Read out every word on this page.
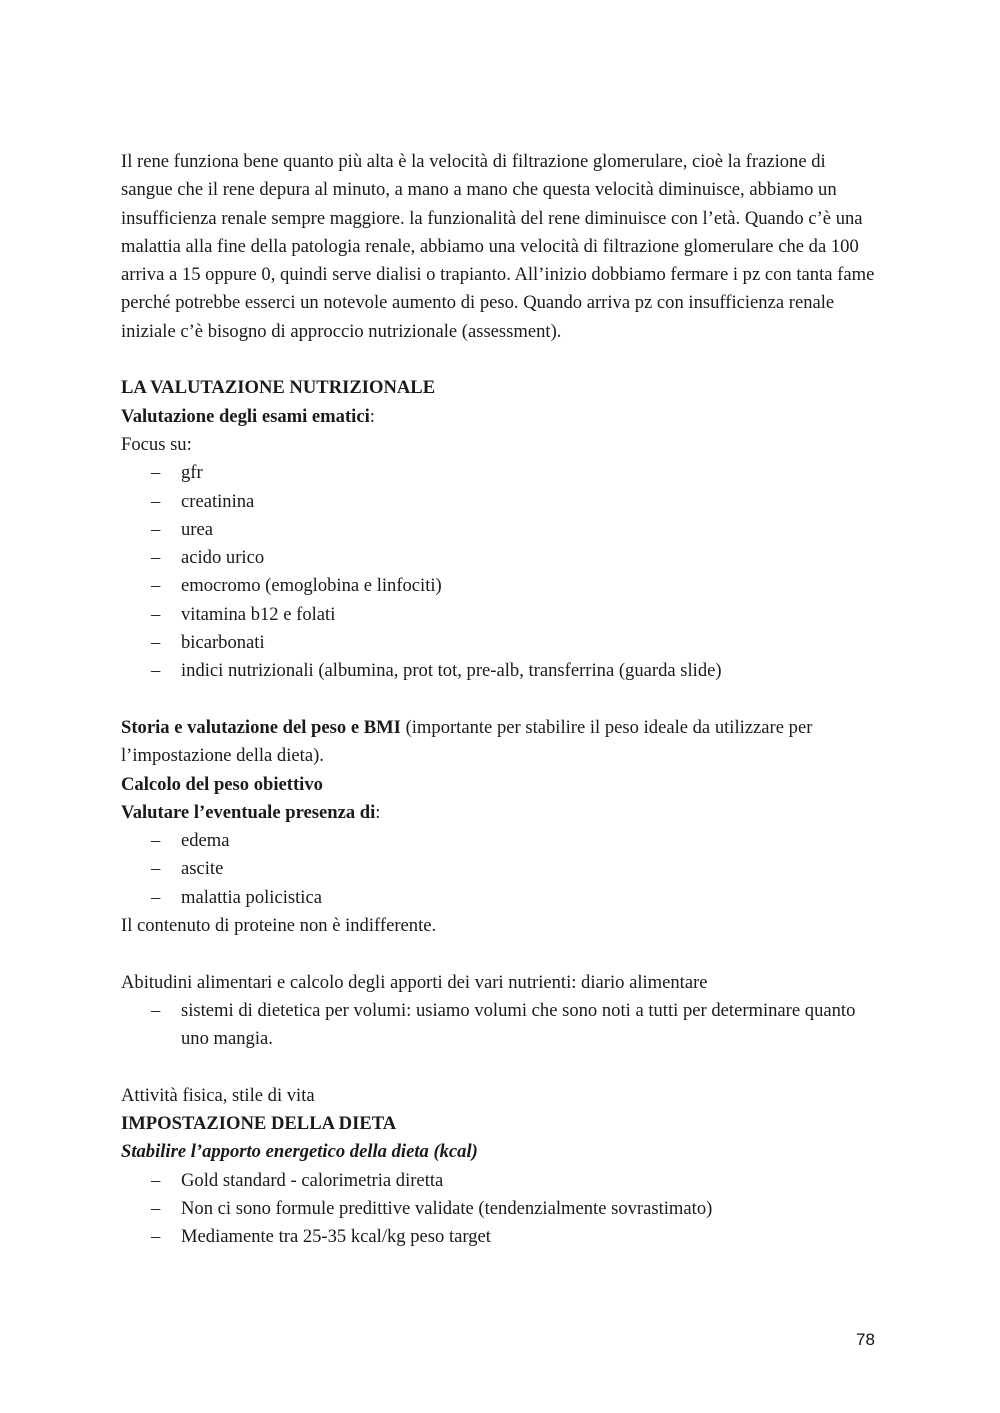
Il rene funziona bene quanto più alta è la velocità di filtrazione glomerulare, cioè la frazione di sangue che il rene depura al minuto, a mano a mano che questa velocità diminuisce, abbiamo un insufficienza renale sempre maggiore. la funzionalità del rene diminuisce con l’età. Quando c’è una malattia alla fine della patologia renale, abbiamo una velocità di filtrazione glomerulare che da 100 arriva a 15 oppure 0, quindi serve dialisi o trapianto. All’inizio dobbiamo fermare i pz con tanta fame perché potrebbe esserci un notevole aumento di peso. Quando arriva pz con insufficienza renale iniziale c’è bisogno di approccio nutrizionale (assessment).

LA VALUTAZIONE NUTRIZIONALE

Valutazione degli esami ematici:

Focus su:

– gfr
– creatinina
– urea
– acido urico
– emocromo (emoglobina e linfociti)
– vitamina b12 e folati
– bicarbonati
– indici nutrizionali (albumina, prot tot, pre-alb, transferrina (guarda slide)

Storia e valutazione del peso e BMI (importante per stabilire il peso ideale da utilizzare per l’impostazione della dieta).

Calcolo del peso obiettivo

Valutare l’eventuale presenza di:

– edema
– ascite
– malattia policistica

Il contenuto di proteine non è indifferente.

Abitudini alimentari e calcolo degli apporti dei vari nutrienti: diario alimentare

– sistemi di dietetica per volumi: usiamo volumi che sono noti a tutti per determinare quanto uno mangia.

Attività fisica, stile di vita

IMPOSTAZIONE DELLA DIETA

Stabilire l’apporto energetico della dieta (kcal)

– Gold standard - calorimetria diretta
– Non ci sono formule predittive validate (tendenzialmente sovrastimato)
– Mediamente tra 25-35 kcal/kg peso target
78
